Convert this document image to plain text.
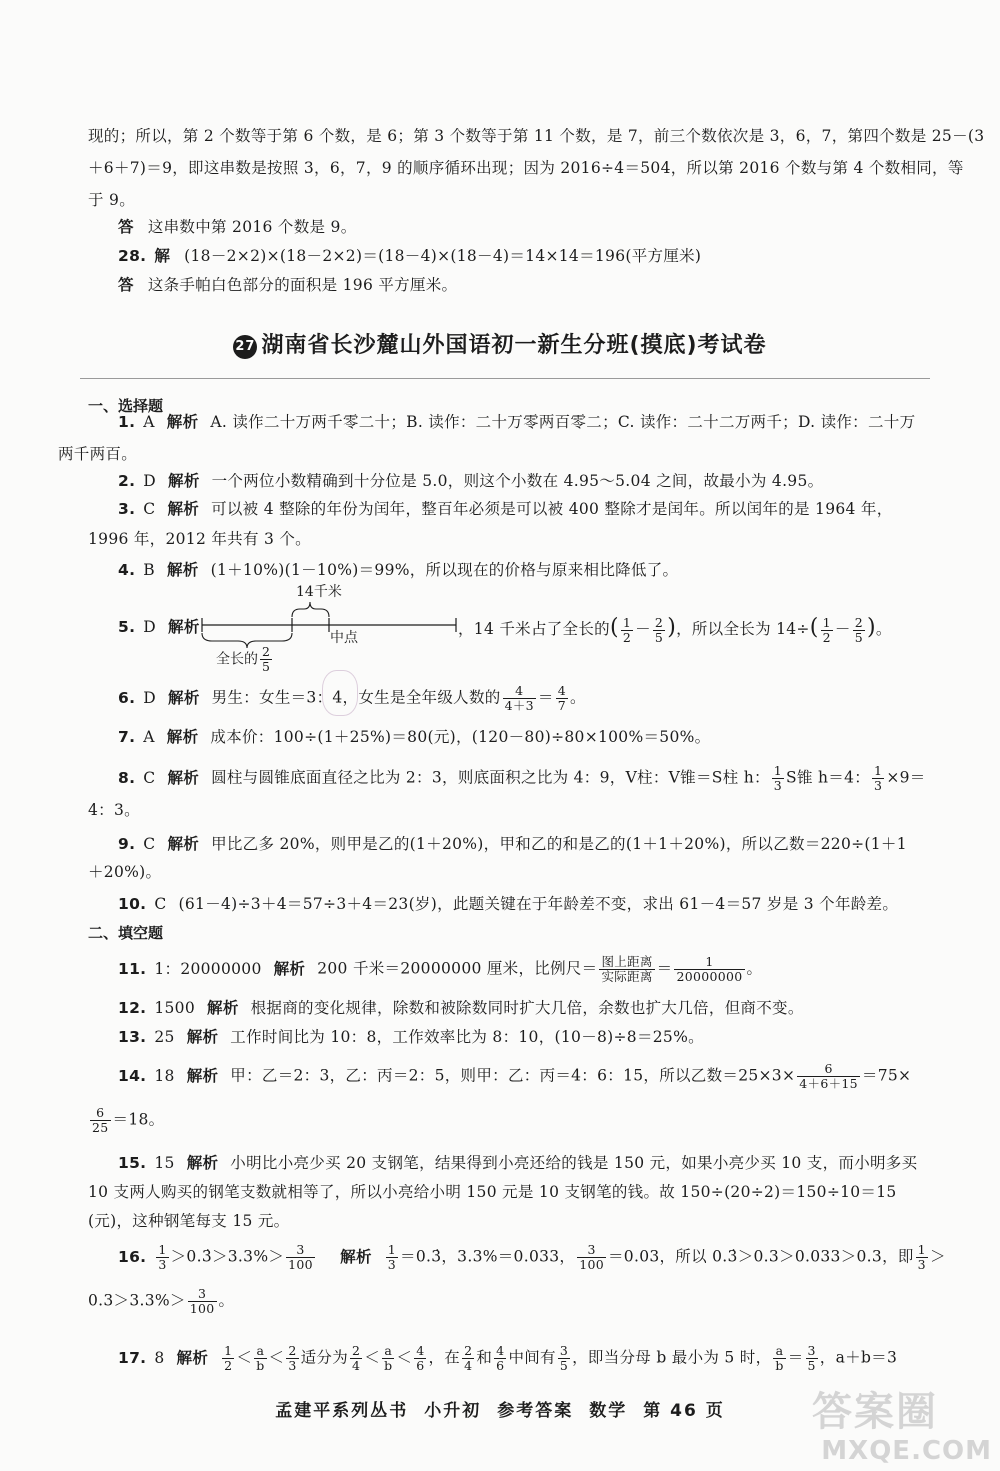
现的；所以，第 2 个数等于第 6 个数，是 6；第 3 个数等于第 11 个数，是 7，前三个数依次是 3，6，7，第四个数是 25－(3
＋6＋7)＝9，即这串数是按照 3，6，7，9 的顺序循环出现；因为 2016÷4＝504，所以第 2016 个数与第 4 个数相同，等
于 9。
答 这串数中第 2016 个数是 9。
28. 解 (18－2×2)×(18－2×2)＝(18－4)×(18－4)＝14×14＝196(平方厘米)
答 这条手帕白色部分的面积是 196 平方厘米。
27 湖南省长沙麓山外国语初一新生分班(摸底)考试卷
一、选择题
1. A 解析 A. 读作二十万两千零二十；B. 读作：二十万零两百零二；C. 读作：二十二万两千；D. 读作：二十万
两千两百。
2. D 解析 一个两位小数精确到十分位是 5.0，则这个小数在 4.95～5.04 之间，故最小为 4.95。
3. C 解析 可以被 4 整除的年份为闰年，整百年必须是可以被 400 整除才是闰年。所以闰年的是 1964 年，
1996 年，2012 年共有 3 个。
4. B 解析 (1＋10%)(1－10%)＝99%，所以现在的价格与原来相比降低了。
5. D 解析
14千米
中点
全长的 $\frac{2}{5}$
，14 千米占了全长的( $\frac{1}{2} - \frac{2}{5}$ )，所以全长为 $14\div( \frac{1}{2} - \frac{2}{5}$ )。
6. D 解析 男生：女生＝3：4，女生是全年级人数的 $\frac{4}{4+3} = \frac{4}{7}$ 。
7. A 解析 成本价：100÷(1＋25%)＝80(元)，(120－80)÷80×100%＝50%。
8. C 解析 圆柱与圆锥底面直径之比为 2：3，则底面积之比为 4：9，V柱：V锥＝S柱 h： $\frac{1}{3}$ S锥 h＝4： $\frac{1}{3} \times 9=$
4：3。
9. C 解析 甲比乙多 20%，则甲是乙的(1＋20%)，甲和乙的和是乙的(1＋1＋20%)，所以乙数＝220÷(1＋1
＋20%)。
10. C (61－4)÷3＋4＝57÷3＋4＝23(岁)，此题关键在于年龄差不变，求出 61－4＝57 岁是 3 个年龄差。
二、填空题
11. 1：20000000 解析 200 千米＝20000000 厘米，比例尺＝ $\frac{\text{图上距离}}{\text{实际距离}} = \frac{1}{20000000}$ 。
12. 1500 解析 根据商的变化规律，除数和被除数同时扩大几倍，余数也扩大几倍，但商不变。
13. 25 解析 工作时间比为 10：8，工作效率比为 8：10，(10－8)÷8＝25%。
14. 18 解析 甲：乙＝2：3，乙：丙＝2：5，则甲：乙：丙＝4：6：15，所以乙数$=25\times 3\times \frac{6}{4+6+15} =75\times$
$\frac{6}{25} =18$。
15. 15 解析 小明比小亮少买 20 支钢笔，结果得到小亮还给的钱是 150 元，如果小亮少买 10 支，而小明多买
10 支两人购买的钢笔支数就相等了，所以小亮给小明 150 元是 10 支钢笔的钱。故 150÷(20÷2)＝150÷10＝15
(元)，这种钢笔每支 15 元。
16. $\frac{1}{3}$ ＞0.3̇＞3.3%＞ $\frac{3}{100}$ 解析 $\frac{1}{3}$ ＝0.3̇，3.3%＝0.033， $\frac{3}{100} =0.03$，所以 0.3̇＞0.3＞0.033＞0.3，即 $\frac{1}{3}$ ＞
$0.3>3.3\%> \frac{3}{100}$ 。
17. 8 解析 $\frac{1}{2} < \frac{a}{b} < \frac{2}{3}$ 适分为 $\frac{2}{4} < \frac{a}{b} < \frac{4}{6}$ ，在 $\frac{2}{4}$ 和 $\frac{4}{6}$ 中间有 $\frac{3}{5}$ ，即当分母 b 最小为 5 时， $\frac{a}{b} = \frac{3}{5}$ ，a＋b＝3
孟建平系列丛书 小升初 参考答案 数学 第 46 页	答案圈
MXQE.COM
